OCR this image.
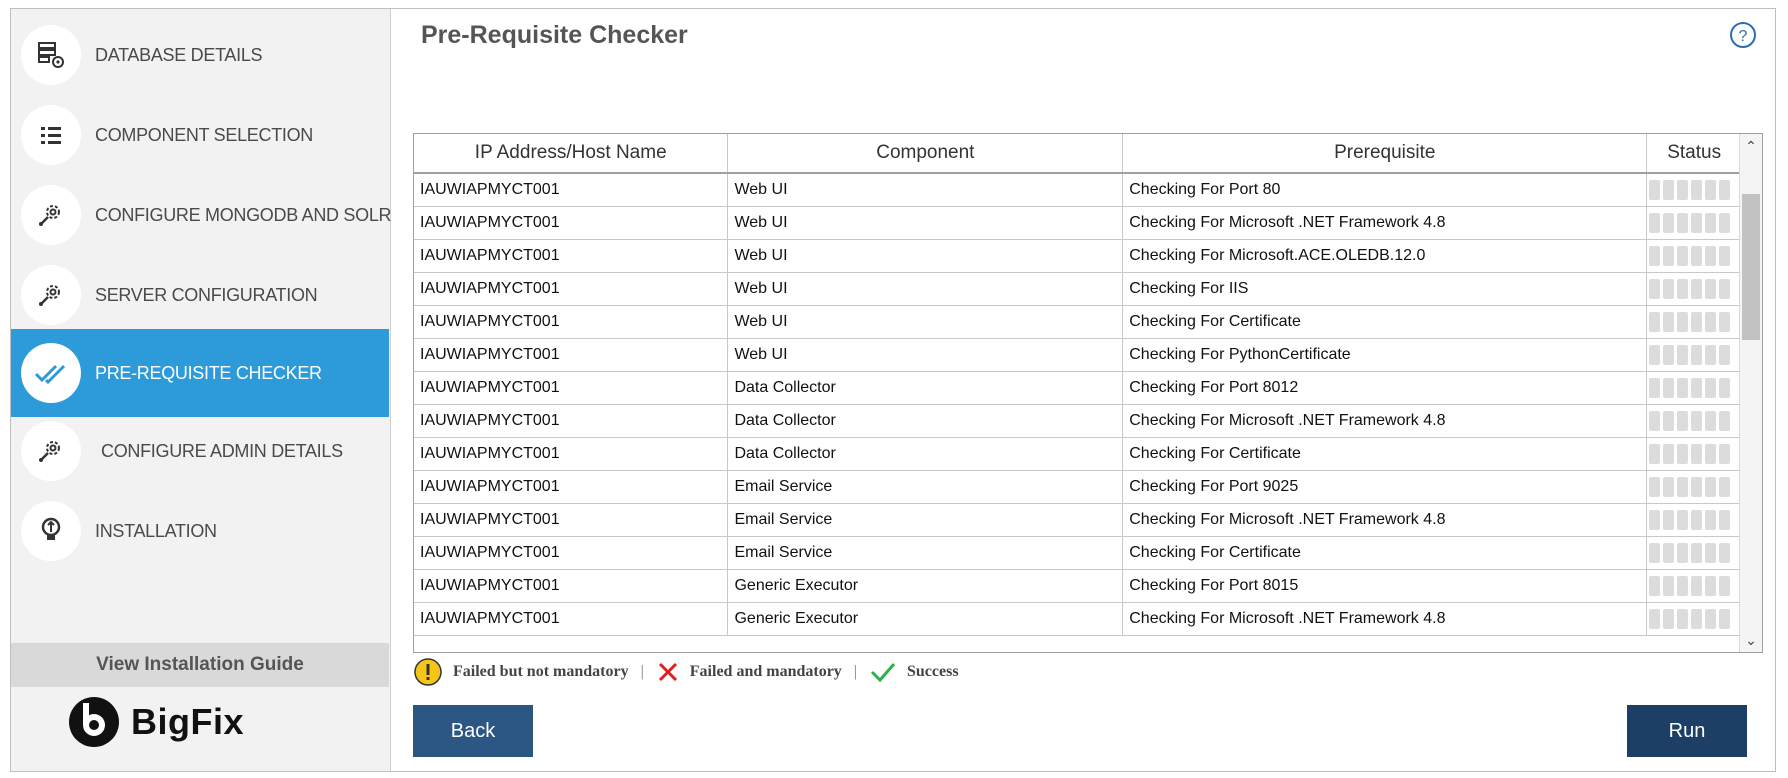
DATABASE DETAILS
COMPONENT SELECTION
CONFIGURE MONGODB AND SOLR
SERVER CONFIGURATION
PRE-REQUISITE CHECKER
CONFIGURE ADMIN DETAILS
INSTALLATION
View Installation Guide
BigFix
Pre-Requisite Checker	?
IP Address/Host Name	Component	Prerequisite	Status
IAUWIAPMYCT001	Web UI	Checking For Port 80	

IAUWIAPMYCT001	Web UI	Checking For Microsoft .NET Framework 4.8	

IAUWIAPMYCT001	Web UI	Checking For Microsoft.ACE.OLEDB.12.0	

IAUWIAPMYCT001	Web UI	Checking For IIS	

IAUWIAPMYCT001	Web UI	Checking For Certificate	

IAUWIAPMYCT001	Web UI	Checking For PythonCertificate	

IAUWIAPMYCT001	Data Collector	Checking For Port 8012	

IAUWIAPMYCT001	Data Collector	Checking For Microsoft .NET Framework 4.8	

IAUWIAPMYCT001	Data Collector	Checking For Certificate	

IAUWIAPMYCT001	Email Service	Checking For Port 9025	

IAUWIAPMYCT001	Email Service	Checking For Microsoft .NET Framework 4.8	

IAUWIAPMYCT001	Email Service	Checking For Certificate	

IAUWIAPMYCT001	Generic Executor	Checking For Port 8015	

IAUWIAPMYCT001	Generic Executor	Checking For Microsoft .NET Framework 4.8	
⌃
⌄
Failed but not mandatory |	Failed and mandatory |	Success
Back	Run
